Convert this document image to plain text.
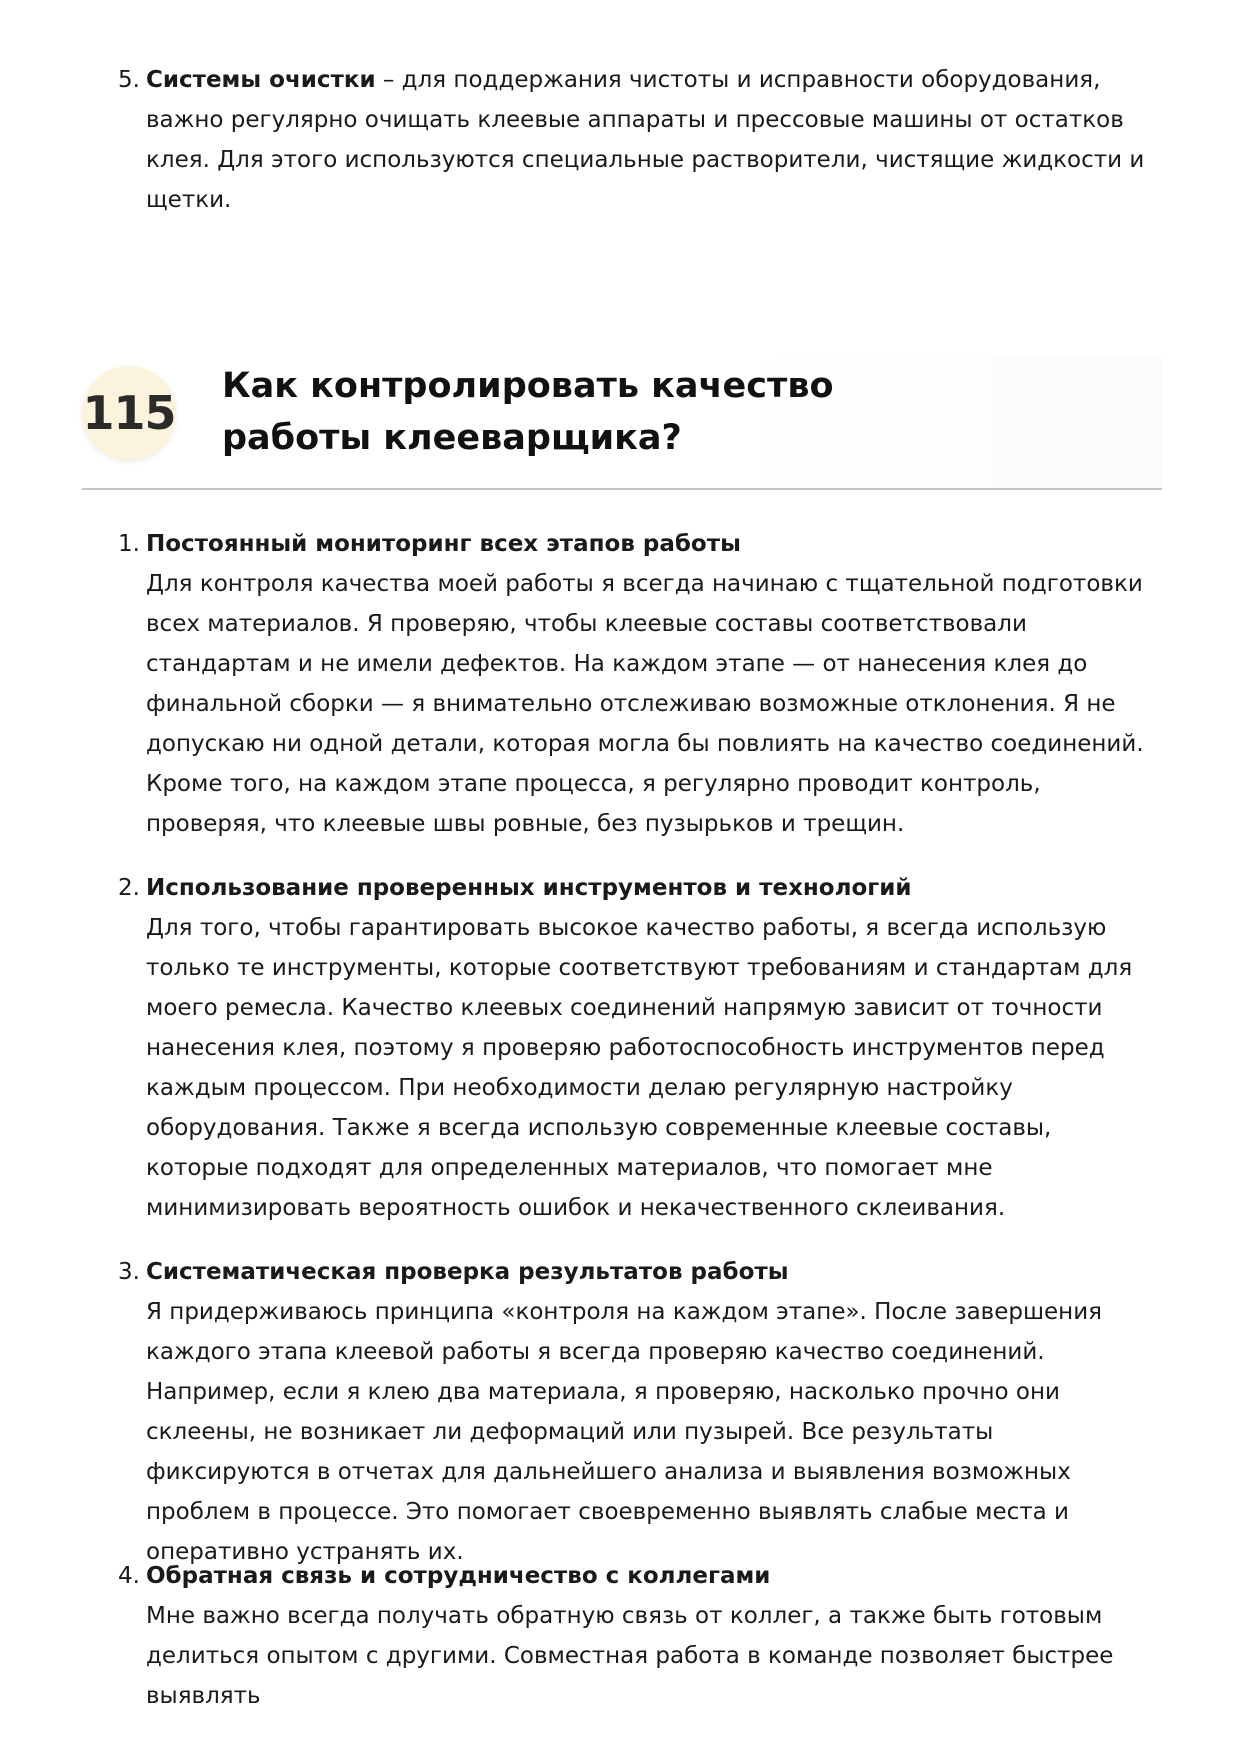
5. Системы очистки – для поддержания чистоты и исправности оборудования, важно регулярно очищать клеевые аппараты и прессовые машины от остатков клея. Для этого используются специальные растворители, чистящие жидкости и щетки.
115 Как контролировать качество работы клееварщика?
1. Постоянный мониторинг всех этапов работы
Для контроля качества моей работы я всегда начинаю с тщательной подготовки всех материалов. Я проверяю, чтобы клеевые составы соответствовали стандартам и не имели дефектов. На каждом этапе — от нанесения клея до финальной сборки — я внимательно отслеживаю возможные отклонения. Я не допускаю ни одной детали, которая могла бы повлиять на качество соединений. Кроме того, на каждом этапе процесса, я регулярно проводит контроль, проверяя, что клеевые швы ровные, без пузырьков и трещин.
2. Использование проверенных инструментов и технологий
Для того, чтобы гарантировать высокое качество работы, я всегда использую только те инструменты, которые соответствуют требованиям и стандартам для моего ремесла. Качество клеевых соединений напрямую зависит от точности нанесения клея, поэтому я проверяю работоспособность инструментов перед каждым процессом. При необходимости делаю регулярную настройку оборудования. Также я всегда использую современные клеевые составы, которые подходят для определенных материалов, что помогает мне минимизировать вероятность ошибок и некачественного склеивания.
3. Систематическая проверка результатов работы
Я придерживаюсь принципа «контроля на каждом этапе». После завершения каждого этапа клеевой работы я всегда проверяю качество соединений. Например, если я клею два материала, я проверяю, насколько прочно они склеены, не возникает ли деформаций или пузырей. Все результаты фиксируются в отчетах для дальнейшего анализа и выявления возможных проблем в процессе. Это помогает своевременно выявлять слабые места и оперативно устранять их.
4. Обратная связь и сотрудничество с коллегами
Мне важно всегда получать обратную связь от коллег, а также быть готовым делиться опытом с другими. Совместная работа в команде позволяет быстрее выявлять
